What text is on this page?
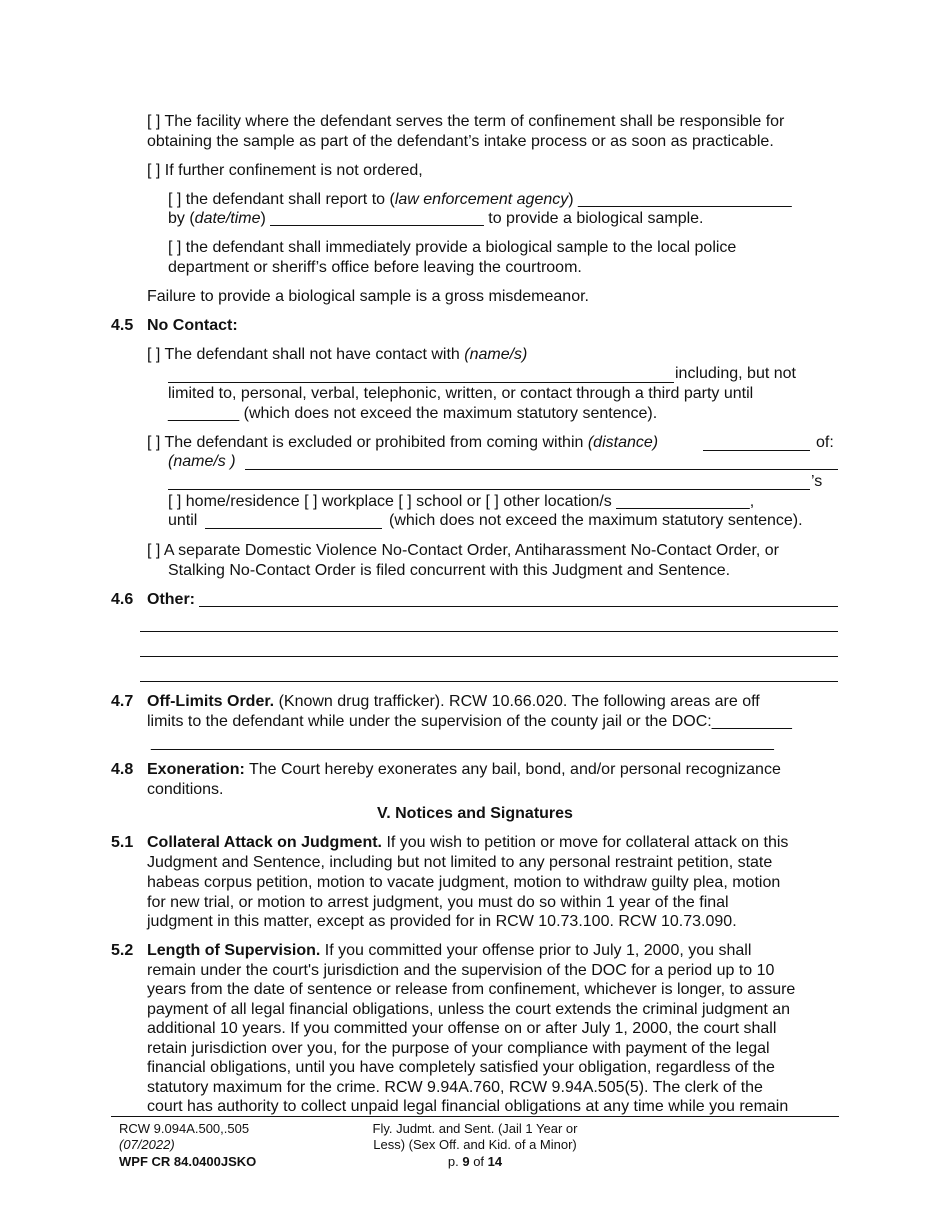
[ ] The facility where the defendant serves the term of confinement shall be responsible for
obtaining the sample as part of the defendant’s intake process or as soon as practicable.
[ ] If further confinement is not ordered,
[ ] the defendant shall report to (law enforcement agency) ________________________
by (date/time) ________________________ to provide a biological sample.
[ ] the defendant shall immediately provide a biological sample to the local police
department or sheriff’s office before leaving the courtroom.
Failure to provide a biological sample is a gross misdemeanor.
4.5 No Contact:
[ ] The defendant shall not have contact with (name/s)
including, but not
limited to, personal, verbal, telephonic, written, or contact through a third party until
________ (which does not exceed the maximum statutory sentence).
[ ] The defendant is excluded or prohibited from coming within (distance)	of:
(name/s )
’s
[ ] home/residence [ ] workplace [ ] school or [ ] other location/s _______________,
until	(which does not exceed the maximum statutory sentence).
[ ] A separate Domestic Violence No-Contact Order, Antiharassment No-Contact Order, or
Stalking No-Contact Order is filed concurrent with this Judgment and Sentence.
4.6 Other:
4.7 Off-Limits Order. (Known drug trafficker). RCW 10.66.020. The following areas are off
limits to the defendant while under the supervision of the county jail or the DOC:_________
______________________________________________________________________
4.8 Exoneration: The Court hereby exonerates any bail, bond, and/or personal recognizance
conditions.
V. Notices and Signatures
5.1 Collateral Attack on Judgment. If you wish to petition or move for collateral attack on this
Judgment and Sentence, including but not limited to any personal restraint petition, state
habeas corpus petition, motion to vacate judgment, motion to withdraw guilty plea, motion
for new trial, or motion to arrest judgment, you must do so within 1 year of the final
judgment in this matter, except as provided for in RCW 10.73.100. RCW 10.73.090.
5.2 Length of Supervision. If you committed your offense prior to July 1, 2000, you shall
remain under the court's jurisdiction and the supervision of the DOC for a period up to 10
years from the date of sentence or release from confinement, whichever is longer, to assure
payment of all legal financial obligations, unless the court extends the criminal judgment an
additional 10 years. If you committed your offense on or after July 1, 2000, the court shall
retain jurisdiction over you, for the purpose of your compliance with payment of the legal
financial obligations, until you have completely satisfied your obligation, regardless of the
statutory maximum for the crime. RCW 9.94A.760, RCW 9.94A.505(5). The clerk of the
court has authority to collect unpaid legal financial obligations at any time while you remain
RCW 9.094A.500,.505
(07/2022)
WPF CR 84.0400JSKO
Fly. Judmt. and Sent. (Jail 1 Year or
Less) (Sex Off. and Kid. of a Minor)
p. 9 of 14
